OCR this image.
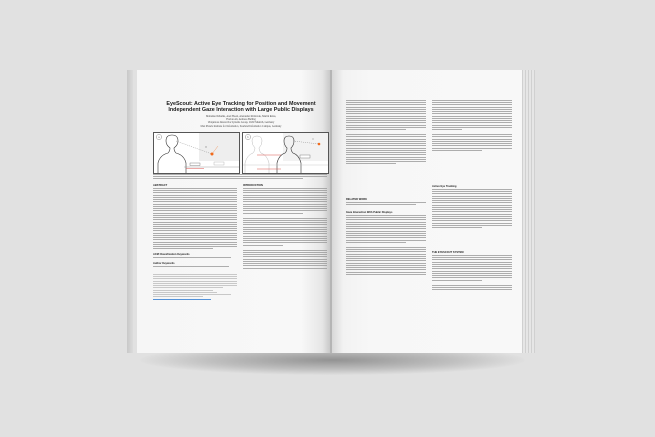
EyeScout: Active Eye Tracking for Position and Movement
Independent Gaze Interaction with Large Public Displays
Mohamed Khamis, Axel Hoesl, Alexander Klimczak, Martin Reiss,
Florian Alt, Andreas Bulling
Ubiquitous Interactive Systems Group, LMU Munich, Germany
Max Planck Institute for Informatics, Saarland Informatics Campus, Germany
a	b
ABSTRACT
ACM Classification Keywords
Author Keywords
INTRODUCTION
RELATED WORK
Gaze Interaction With Public Displays
Active Eye Tracking
THE EYESCOUT SYSTEM
